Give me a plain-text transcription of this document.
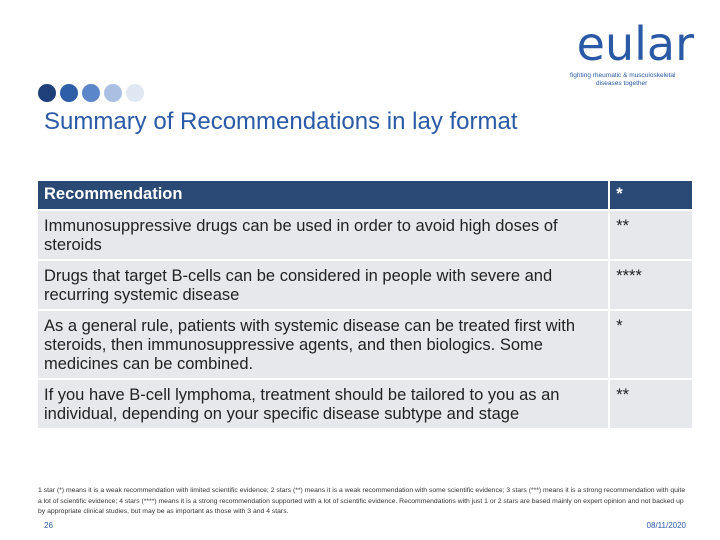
eular
fighting rheumatic & musculoskeletal
diseases together
Summary of Recommendations in lay format
Recommendation	*
Immunosuppressive drugs can be used in order to avoid high doses of steroids	**
Drugs that target B-cells can be considered in people with severe and recurring systemic disease	****
As a general rule, patients with systemic disease can be treated first with steroids, then immunosuppressive agents, and then biologics. Some medicines can be combined.	*
If you have B-cell lymphoma, treatment should be tailored to you as an individual, depending on your specific disease subtype and stage	**
1 star (*) means it is a weak recommendation with limited scientific evidence; 2 stars (**) means it is a weak recommendation with some scientific evidence; 3 stars (***) means it is a strong recommendation with quite a lot of scientific evidence; 4 stars (****) means it is a strong recommendation supported with a lot of scientific evidence. Recommendations with just 1 or 2 stars are based mainly on expert opinion and not backed up by appropriate clinical studies, but may be as important as those with 3 and 4 stars.
26	08/11/2020
